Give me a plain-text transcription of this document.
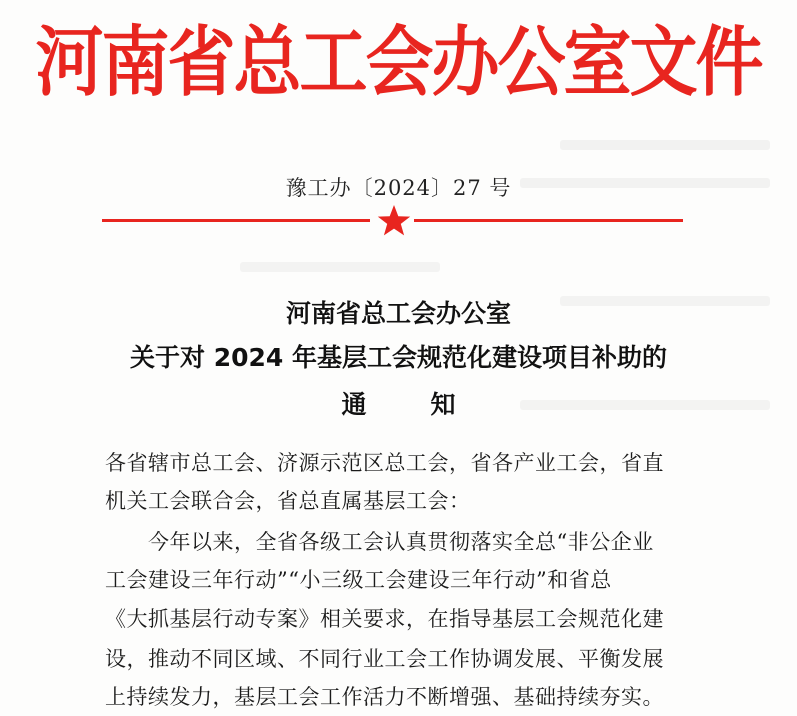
河南省总工会办公室文件
豫工办〔2024〕27 号
河南省总工会办公室
关于对 2024 年基层工会规范化建设项目补助的
通	知
各省辖市总工会、济源示范区总工会，省各产业工会，省直
机关工会联合会，省总直属基层工会：
今年以来，全省各级工会认真贯彻落实全总“非公企业
工会建设三年行动”“小三级工会建设三年行动”和省总
《大抓基层行动专案》相关要求，在指导基层工会规范化建
设，推动不同区域、不同行业工会工作协调发展、平衡发展
上持续发力，基层工会工作活力不断增强、基础持续夯实。
